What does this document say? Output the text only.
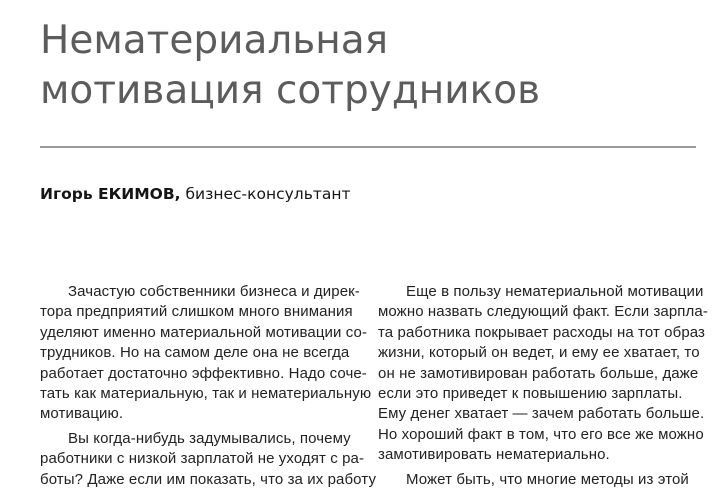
Нематериальная
мотивация сотрудников
Игорь ЕКИМОВ, бизнес-консультант
Зачастую собственники бизнеса и дирек-
тора предприятий слишком много внимания
уделяют именно материальной мотивации со-
трудников. Но на самом деле она не всегда
работает достаточно эффективно. Надо соче-
тать как материальную, так и нематериальную
мотивацию.
Вы когда-нибудь задумывались, почему
работники с низкой зарплатой не уходят с ра-
боты? Даже если им показать, что за их работу
Еще в пользу нематериальной мотивации
можно назвать следующий факт. Если зарпла-
та работника покрывает расходы на тот образ
жизни, который он ведет, и ему ее хватает, то
он не замотивирован работать больше, даже
если это приведет к повышению зарплаты.
Ему денег хватает — зачем работать больше.
Но хороший факт в том, что его все же можно
замотивировать нематериально.
Может быть, что многие методы из этой
